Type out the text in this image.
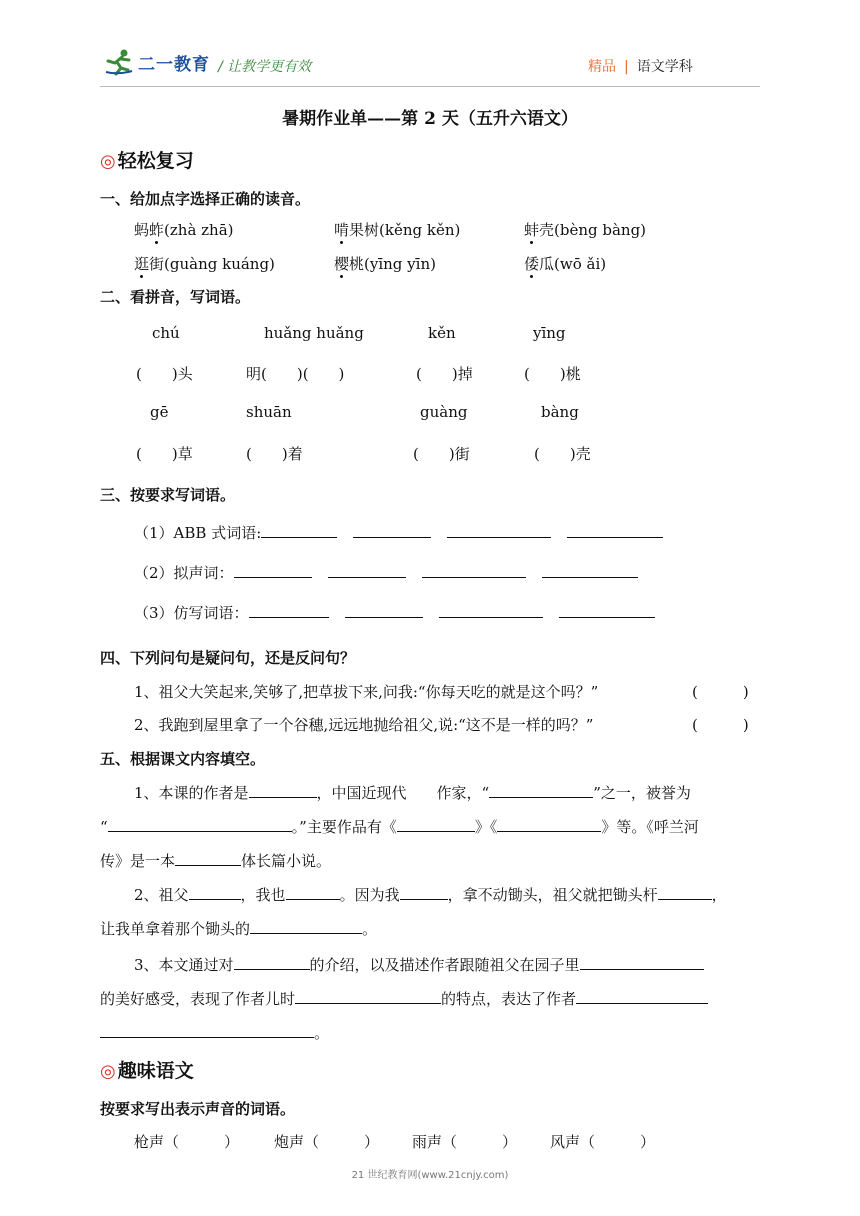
二一教育 / 让教学更有效	精品 | 语文学科
暑期作业单——第 2 天（五升六语文）
◎ 轻松复习
一、给加点字选择正确的读音。
蚂蚱(zhà zhā)	啃果树(kěng kěn)	蚌壳(bèng bàng)
逛街(guàng kuáng)	樱桃(yīng yīn)	倭瓜(wō ǎi)
二、看拼音，写词语。
chú	huǎng huǎng	kěn	yīng
(　　)头	明(　　)(　　)	(　　)掉	(　　)桃
gē	shuān	guàng	bàng
(　　)草	(　　)着	(　　)街	(　　)壳
三、按要求写词语。
（1）ABB 式词语:
（2）拟声词：
（3）仿写词语：
四、下列问句是疑问句，还是反问句？
1、祖父大笑起来,笑够了,把草拔下来,问我:“你每天吃的就是这个吗？”	(　　　)
2、我跑到屋里拿了一个谷穗,远远地抛给祖父,说:“这不是一样的吗？”	(　　　)
五、根据课文内容填空。
1、本课的作者是	，中国近现代　　作家，“	”之一，被誉为
“	。”主要作品有《	》《	》等。《呼兰河
传》是一本	体长篇小说。
2、祖父	，我也	。因为我	，拿不动锄头，祖父就把锄头杆	，
让我单拿着那个锄头的	。
3、本文通过对	的介绍，以及描述作者跟随祖父在园子里
的美好感受，表现了作者儿时	的特点，表达了作者
。
◎ 趣味语文
按要求写出表示声音的词语。
枪声（　　　） 炮声（　　　） 雨声（　　　） 风声（　　　）
21 世纪教育网(www.21cnjy.com)
